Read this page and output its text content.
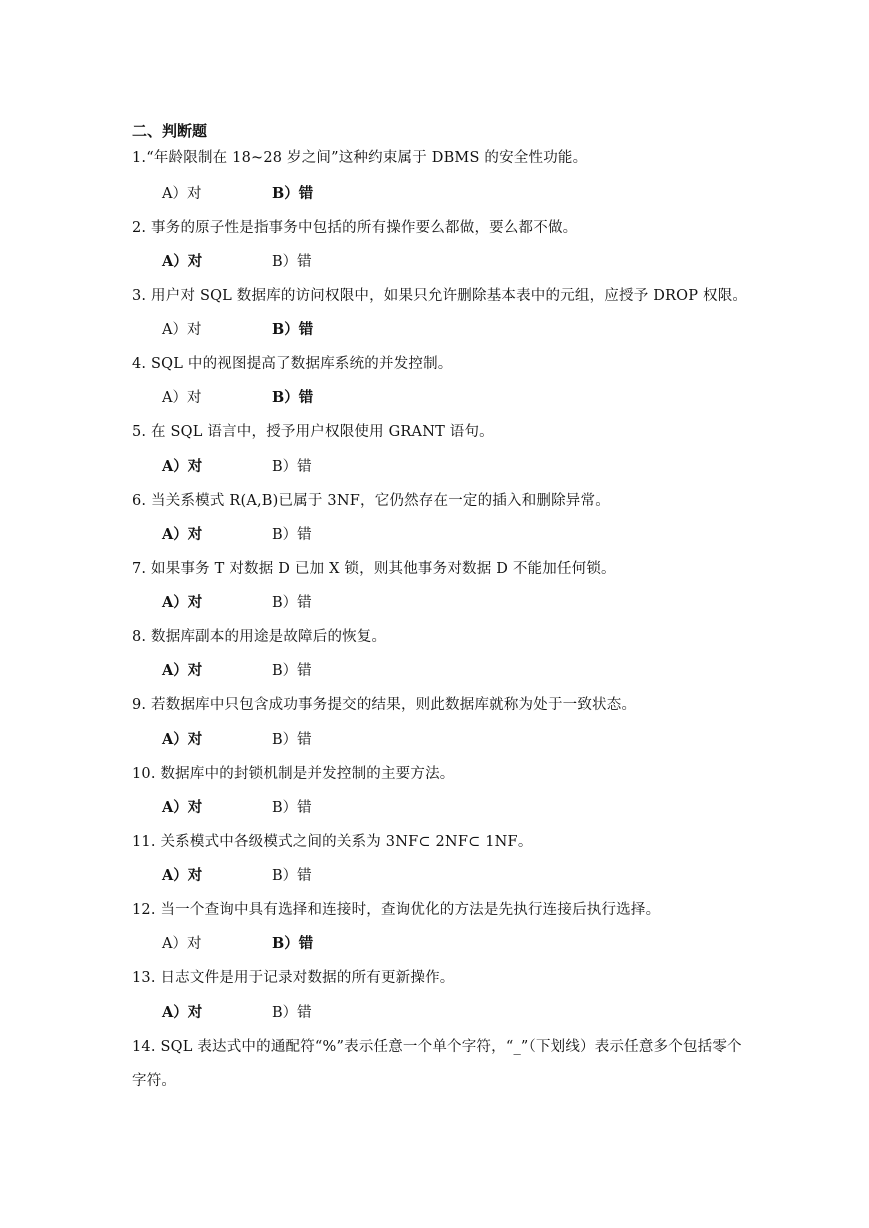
二、判断题
1.“年龄限制在 18~28 岁之间”这种约束属于 DBMS 的安全性功能。
A）对	B）错
2. 事务的原子性是指事务中包括的所有操作要么都做，要么都不做。
A）对	B）错
3. 用户对 SQL 数据库的访问权限中，如果只允许删除基本表中的元组，应授予 DROP 权限。
A）对	B）错
4. SQL 中的视图提高了数据库系统的并发控制。
A）对	B）错
5. 在 SQL 语言中，授予用户权限使用 GRANT 语句。
A）对	B）错
6. 当关系模式 R(A,B)已属于 3NF，它仍然存在一定的插入和删除异常。
A）对	B）错
7. 如果事务 T 对数据 D 已加 X 锁，则其他事务对数据 D 不能加任何锁。
A）对	B）错
8. 数据库副本的用途是故障后的恢复。
A）对	B）错
9. 若数据库中只包含成功事务提交的结果，则此数据库就称为处于一致状态。
A）对	B）错
10. 数据库中的封锁机制是并发控制的主要方法。
A）对	B）错
11. 关系模式中各级模式之间的关系为 3NF⊂ 2NF⊂ 1NF。
A）对	B）错
12. 当一个查询中具有选择和连接时，查询优化的方法是先执行连接后执行选择。
A）对	B）错
13. 日志文件是用于记录对数据的所有更新操作。
A）对	B）错
14. SQL 表达式中的通配符“%”表示任意一个单个字符，“_”（下划线）表示任意多个包括零个字符。
